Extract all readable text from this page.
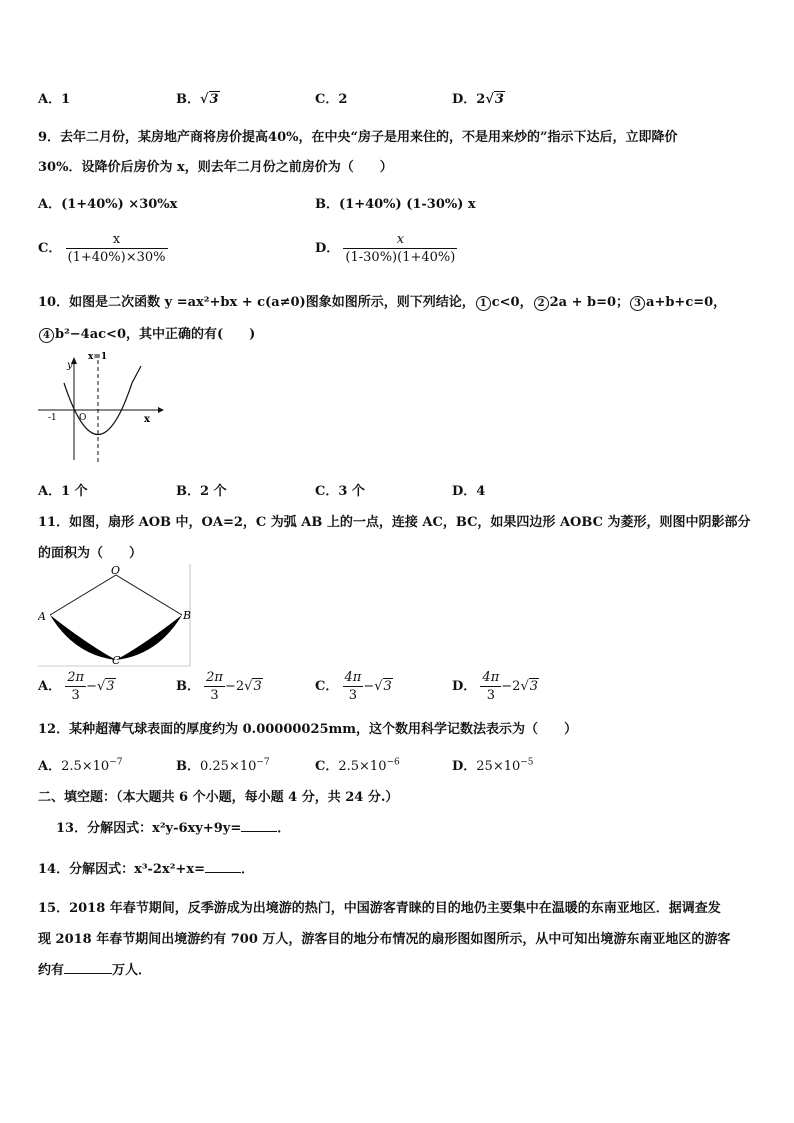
A．1	B．√3	C．2	D．2√3
9．去年二月份，某房地产商将房价提高40%，在中央“房子是用来住的，不是用来炒的”指示下达后，立即降价
30%．设降价后房价为 x，则去年二月份之前房价为（　　）
A．(1+40%) ×30%x	B．(1+40%) (1-30%) x
C． $\frac{x}{(1+40\%)\times 30\%}$	D． $\frac{x}{(1-30\%)(1+40\%)}$
10．如图是二次函数 y =ax²+bx + c(a≠0)图象如图所示，则下列结论， 1 c<0， 2 2a + b=0； 3 a+b+c=0，
4 b²−4ac<0，其中正确的有(　　)
x=1
y
x
-1 O
A．1 个	B．2 个	C．3 个	D．4
11．如图，扇形 AOB 中，OA=2，C 为弧 AB 上的一点，连接 AC，BC，如果四边形 AOBC 为菱形，则图中阴影部分
的面积为（　　）
O
A	B
C
A． $\frac{2\pi}{3} -√3$	B． $\frac{2\pi}{3} -2√3$	C． $\frac{4\pi}{3} -√3$	D． $\frac{4\pi}{3} -2√3$
12．某种超薄气球表面的厚度约为 0.00000025mm，这个数用科学记数法表示为（　　）
A．$2.5\times 10^{-7}$	B．$0.25\times 10^{-7}$	C．$2.5\times 10^{-6}$	D．$25\times 10^{-5}$
二、填空题：（本大题共 6 个小题，每小题 4 分，共 24 分.）
13．分解因式：x²y-6xy+9y=	．
14．分解因式：x³-2x²+x=	．
15．2018 年春节期间，反季游成为出境游的热门，中国游客青睐的目的地仍主要集中在温暖的东南亚地区．据调查发
现 2018 年春节期间出境游约有 700 万人，游客目的地分布情况的扇形图如图所示，从中可知出境游东南亚地区的游客
约有	万人．
